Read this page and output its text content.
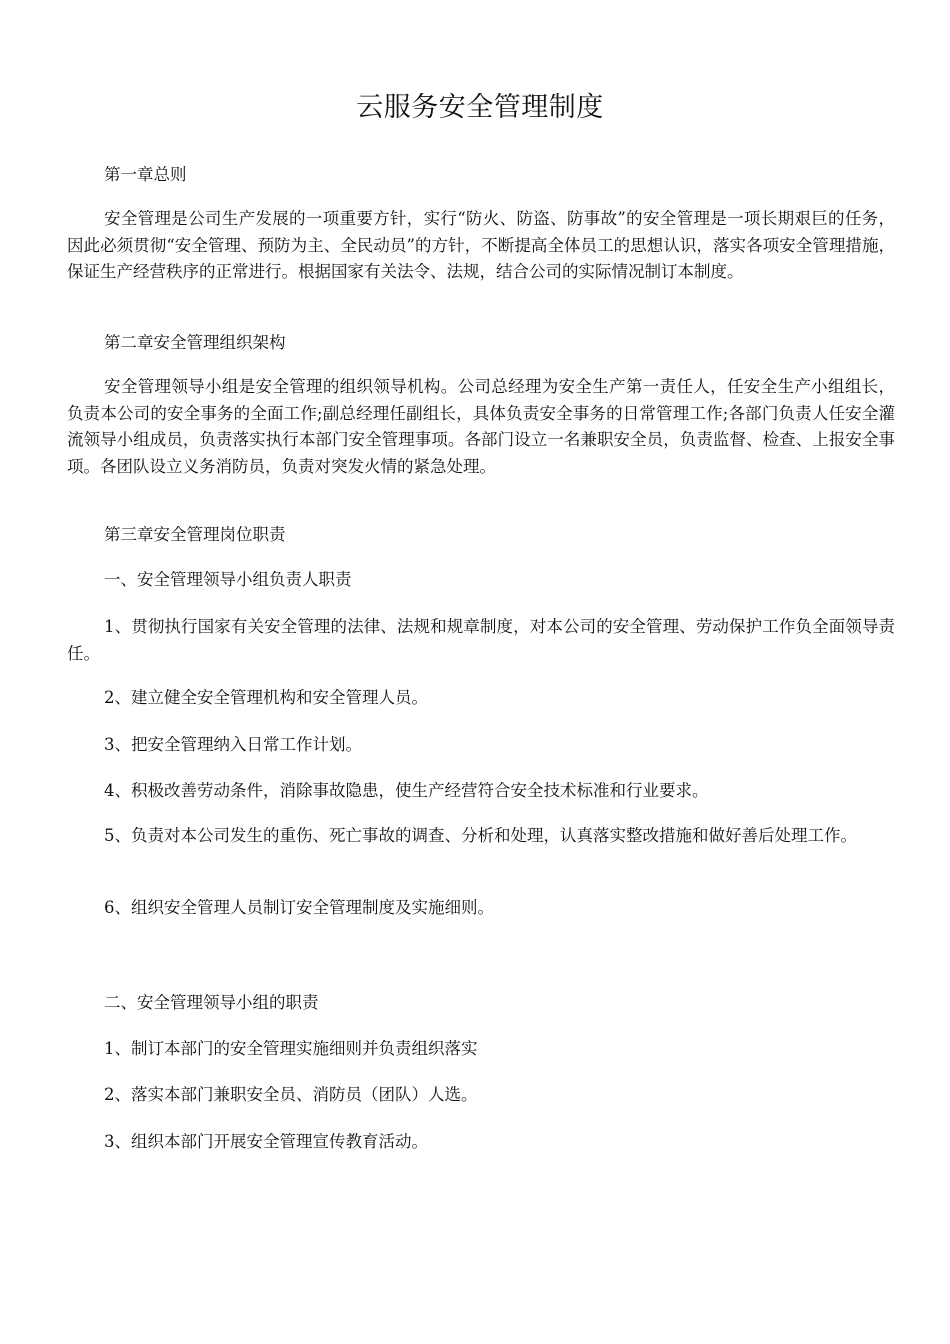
云服务安全管理制度

第一章总则

安全管理是公司生产发展的一项重要方针，实行“防火、防盗、防事故”的安全管理是一项长期艰巨的任务，因此必须贯彻“安全管理、预防为主、全民动员”的方针，不断提高全体员工的思想认识，落实各项安全管理措施，保证生产经营秩序的正常进行。根据国家有关法令、法规，结合公司的实际情况制订本制度。

第二章安全管理组织架构

安全管理领导小组是安全管理的组织领导机构。公司总经理为安全生产第一责任人，任安全生产小组组长，负责本公司的安全事务的全面工作;副总经理任副组长，具体负责安全事务的日常管理工作;各部门负责人任安全灌流领导小组成员，负责落实执行本部门安全管理事项。各部门设立一名兼职安全员，负责监督、检查、上报安全事项。各团队设立义务消防员，负责对突发火情的紧急处理。

第三章安全管理岗位职责

一、安全管理领导小组负责人职责

1、贯彻执行国家有关安全管理的法律、法规和规章制度，对本公司的安全管理、劳动保护工作负全面领导责任。

2、建立健全安全管理机构和安全管理人员。

3、把安全管理纳入日常工作计划。

4、积极改善劳动条件，消除事故隐患，使生产经营符合安全技术标准和行业要求。

5、负责对本公司发生的重伤、死亡事故的调查、分析和处理，认真落实整改措施和做好善后处理工作。

6、组织安全管理人员制订安全管理制度及实施细则。

二、安全管理领导小组的职责

1、制订本部门的安全管理实施细则并负责组织落实

2、落实本部门兼职安全员、消防员（团队）人选。

3、组织本部门开展安全管理宣传教育活动。
